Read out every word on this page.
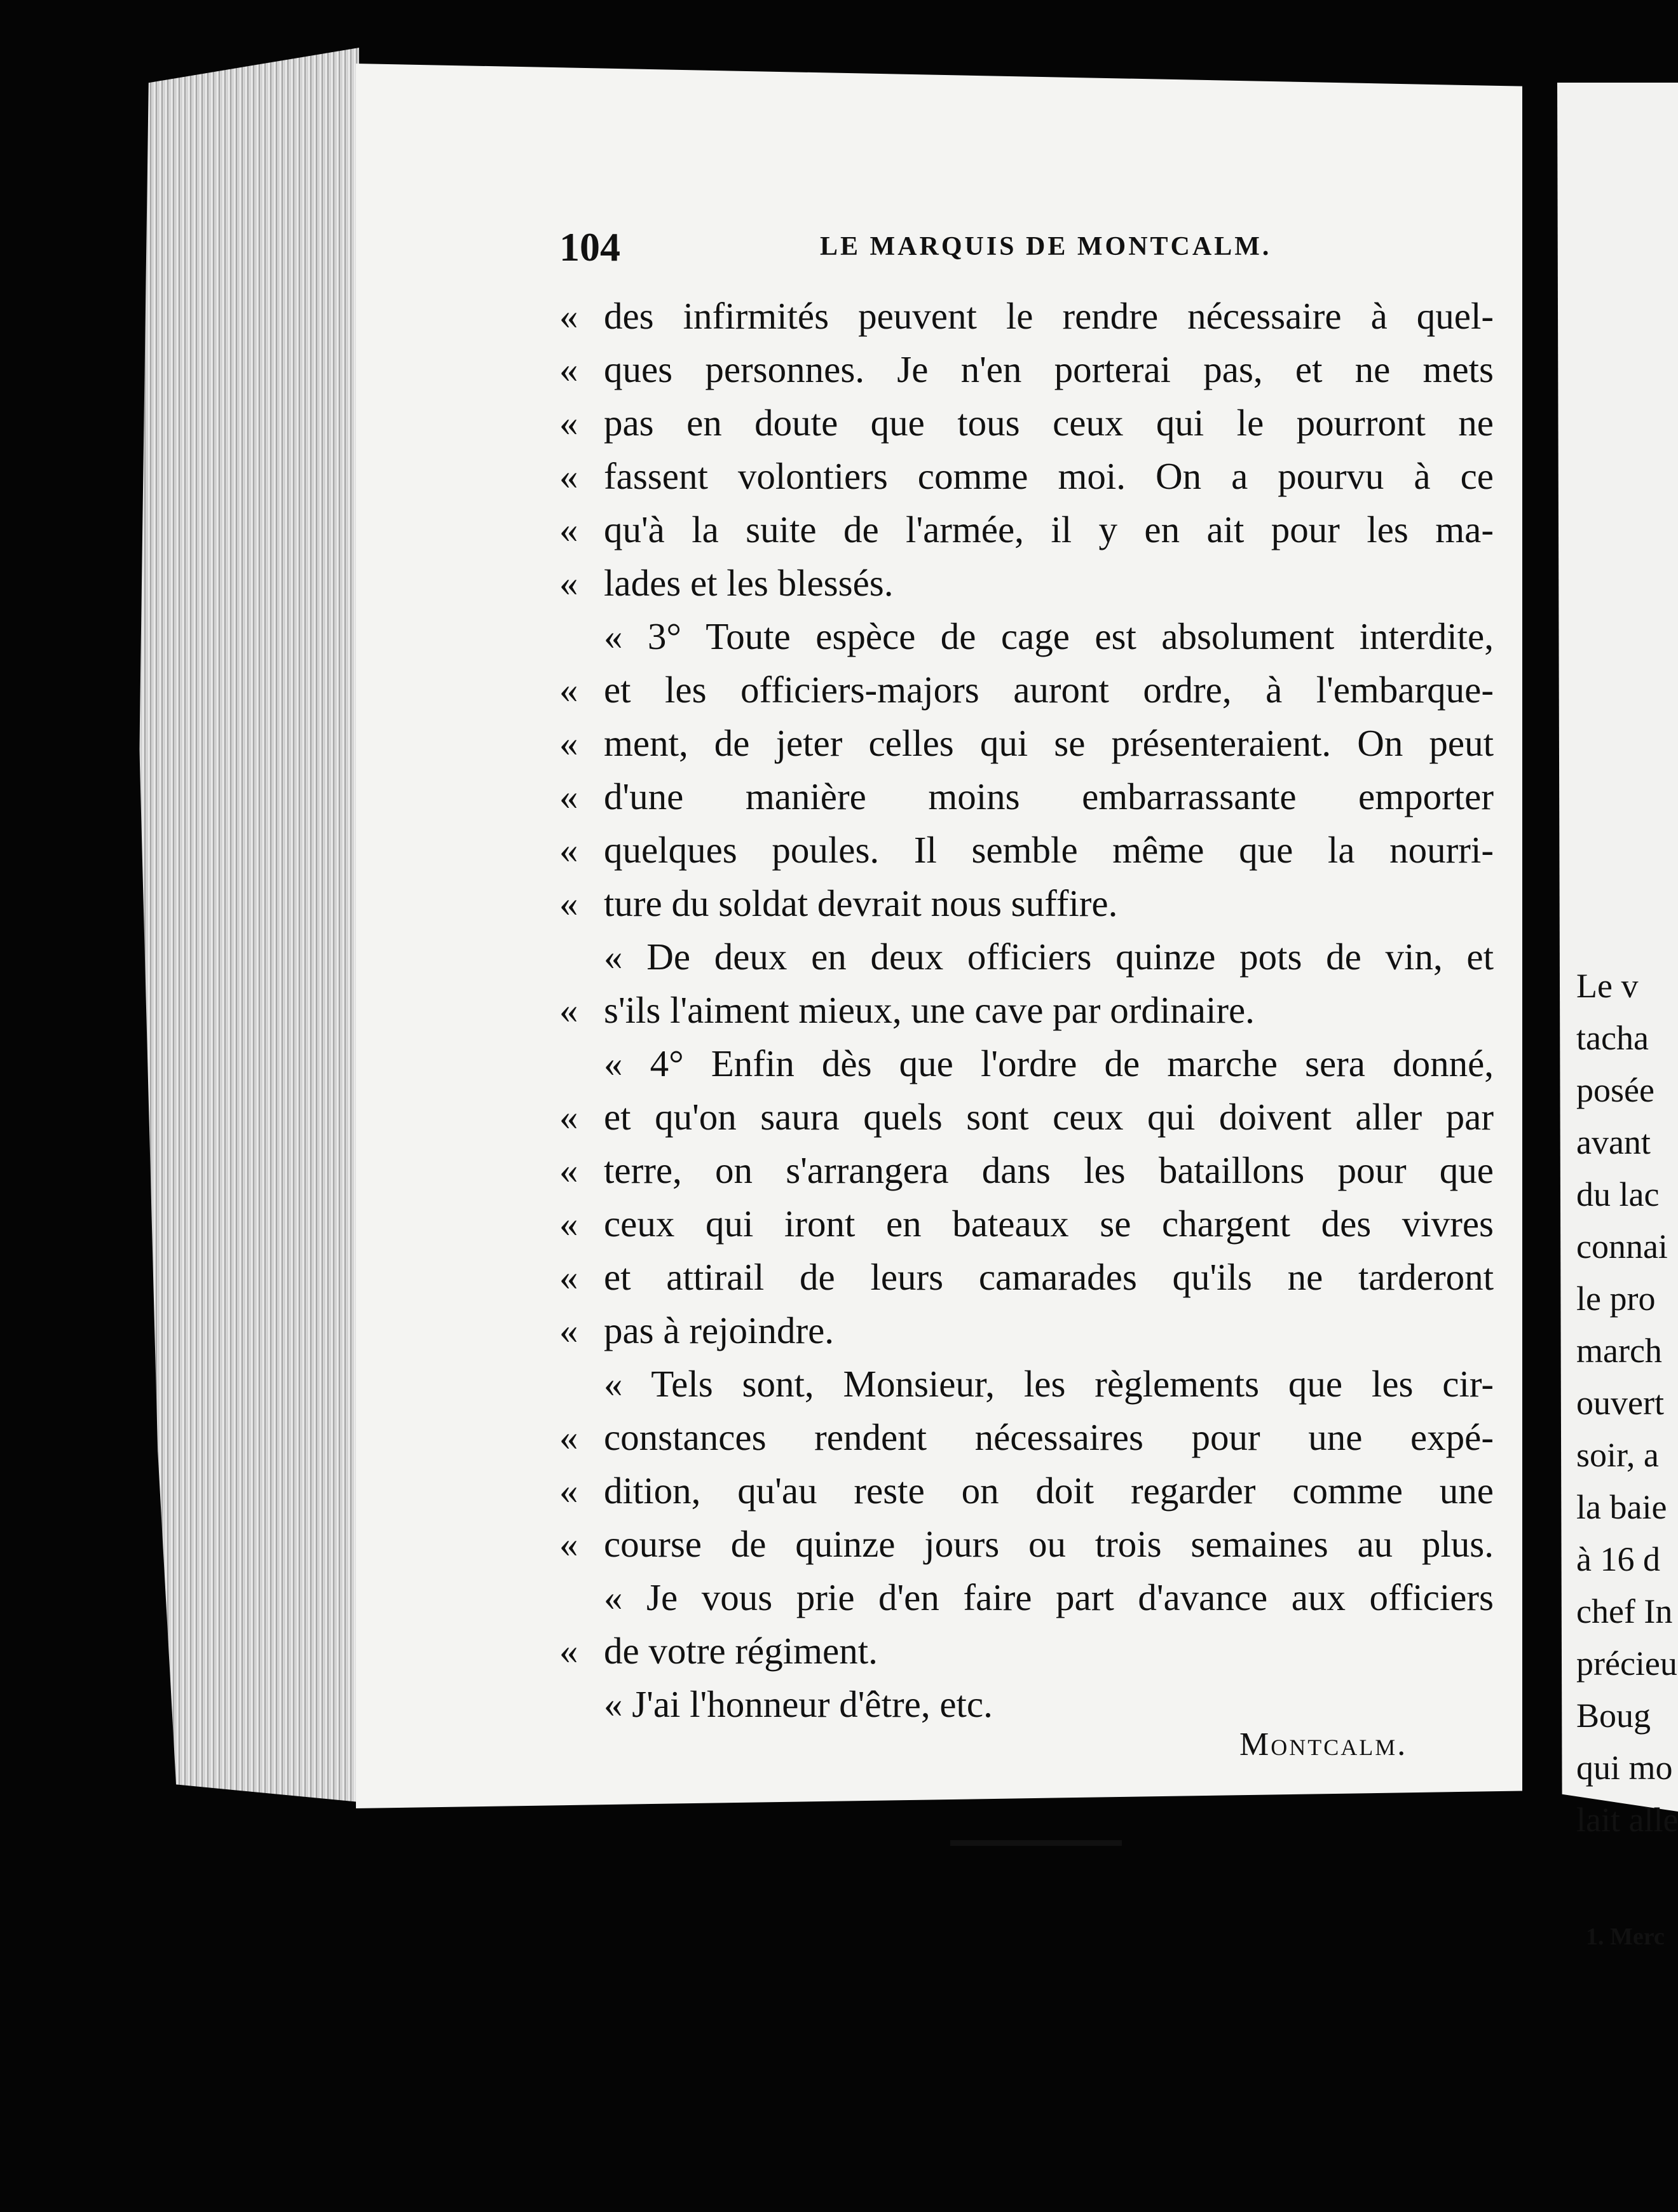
104	LE MARQUIS DE MONTCALM.
« des infirmités peuvent le rendre nécessaire à quel-
« ques personnes. Je n'en porterai pas, et ne mets
« pas en doute que tous ceux qui le pourront ne
« fassent volontiers comme moi. On a pourvu à ce
« qu'à la suite de l'armée, il y en ait pour les ma-
« lades et les blessés.
« 3° Toute espèce de cage est absolument interdite,
« et les officiers-majors auront ordre, à l'embarque-
« ment, de jeter celles qui se présenteraient. On peut
« d'une manière moins embarrassante emporter
« quelques poules. Il semble même que la nourri-
« ture du soldat devrait nous suffire.
« De deux en deux officiers quinze pots de vin, et
« s'ils l'aiment mieux, une cave par ordinaire.
« 4° Enfin dès que l'ordre de marche sera donné,
« et qu'on saura quels sont ceux qui doivent aller par
« terre, on s'arrangera dans les bataillons pour que
« ceux qui iront en bateaux se chargent des vivres
« et attirail de leurs camarades qu'ils ne tarderont
« pas à rejoindre.
« Tels sont, Monsieur, les règlements que les cir-
« constances rendent nécessaires pour une expé-
« dition, qu'au reste on doit regarder comme une
« course de quinze jours ou trois semaines au plus.
« Je vous prie d'en faire part d'avance aux officiers
« de votre régiment.
« J'ai l'honneur d'être, etc.
Montcalm.
Le v
tacha
posée
avant
du lac
connai
le pro
march
ouvert
soir, a
la baie
à 16 d
chef In
précieu
Boug
qui mo
lait alle
1. Merc
